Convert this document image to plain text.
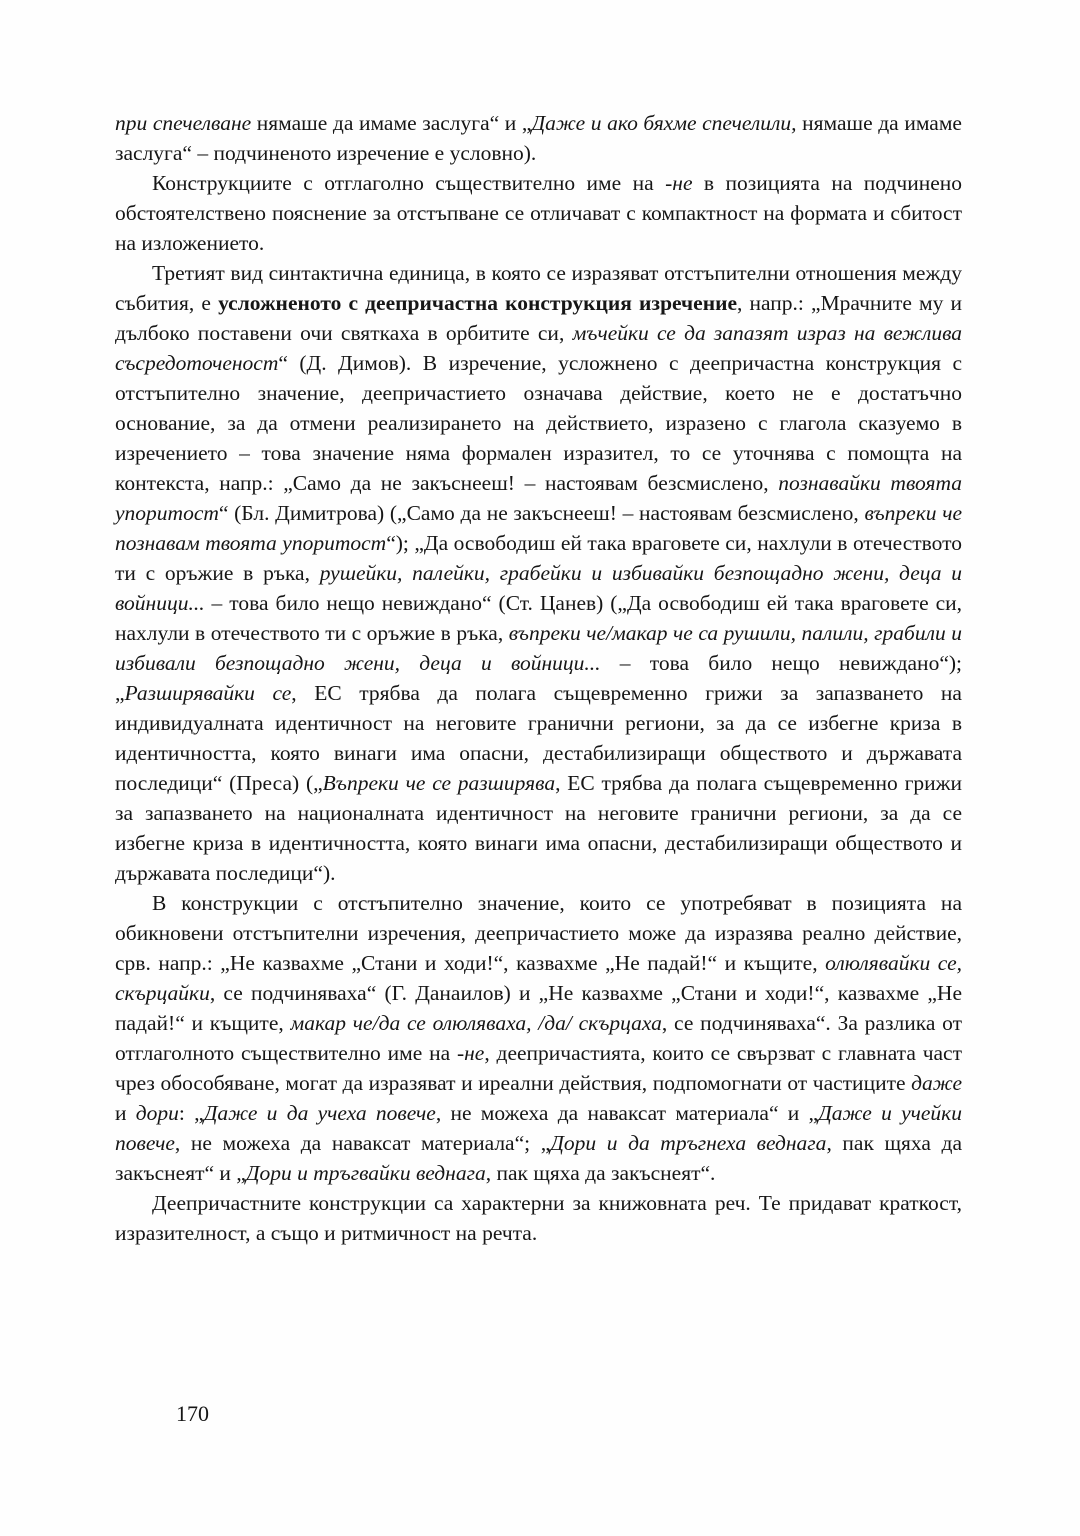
при спечелване нямаше да имаме заслуга“ и „Даже и ако бяхме спечелили, нямаше да имаме заслуга“ – подчиненото изречение е условно).

Конструкциите с отглаголно съществително име на -не в позицията на подчинено обстоятелствено пояснение за отстъпване се отличават с компактност на формата и сбитост на изложението.

Третият вид синтактична единица, в която се изразяват отстъпителни отношения между събития, е усложненото с деепричастна конструкция изречение, напр.: „Мрачните му и дълбоко поставени очи святкаха в орбитите си, мъчейки се да запазят израз на вежлива съсредоточеност“ (Д. Димов). В изречение, усложнено с деепричастна конструкция с отстъпително значение, деепричастието означава действие, което не е достатъчно основание, за да отмени реализирането на действието, изразено с глагола сказуемо в изречението – това значение няма формален изразител, то се уточнява с помощта на контекста, напр.: „Само да не закъснееш! – настоявам безсмислено, познавайки твоята упоритост“ (Бл. Димитрова) („Само да не закъснееш! – настоявам безсмислено, въпреки че познавам твоята упоритост“); „Да освободиш ей така враговете си, нахлули в отечеството ти с оръжие в ръка, рушейки, палейки, грабейки и избивайки безпощадно жени, деца и войници... – това било нещо невиждано“ (Ст. Цанев) („Да освободиш ей така враговете си, нахлули в отечеството ти с оръжие в ръка, въпреки че/макар че са рушили, палили, грабили и избивали безпощадно жени, деца и войници... – това било нещо невиждано“); „Разширявайки се, ЕС трябва да полага същевременно грижи за запазването на индивидуалната идентичност на неговите гранични региони, за да се избегне криза в идентичността, която винаги има опасни, дестабилизиращи обществото и държавата последици“ (Преса) („Въпреки че се разширява, ЕС трябва да полага същевременно грижи за запазването на националната идентичност на неговите гранични региони, за да се избегне криза в идентичността, която винаги има опасни, дестабилизиращи обществото и държавата последици“).

В конструкции с отстъпително значение, които се употребяват в позицията на обикновени отстъпителни изречения, деепричастието може да изразява реално действие, срв. напр.: „Не казвахме „Стани и ходи!“, казвахме „Не падай!“ и къщите, олюлявайки се, скърцайки, се подчиняваха“ (Г. Данаилов) и „Не казвахме „Стани и ходи!“, казвахме „Не падай!“ и къщите, макар че/да се олюляваха, /да/ скърцаха, се подчиняваха“. За разлика от отглаголното съществително име на -не, деепричастията, които се свързват с главната част чрез обособяване, могат да изразяват и иреални действия, подпомогнати от частиците даже и дори: „Даже и да учеха повече, не можеха да наваксат материала“ и „Даже и учейки повече, не можеха да наваксат материала“; „Дори и да тръгнеха веднага, пак щяха да закъснеят“ и „Дори и тръгвайки веднага, пак щяха да закъснеят“.

Деепричастните конструкции са характерни за книжовната реч. Те придават краткост, изразителност, а също и ритмичност на речта.

170
